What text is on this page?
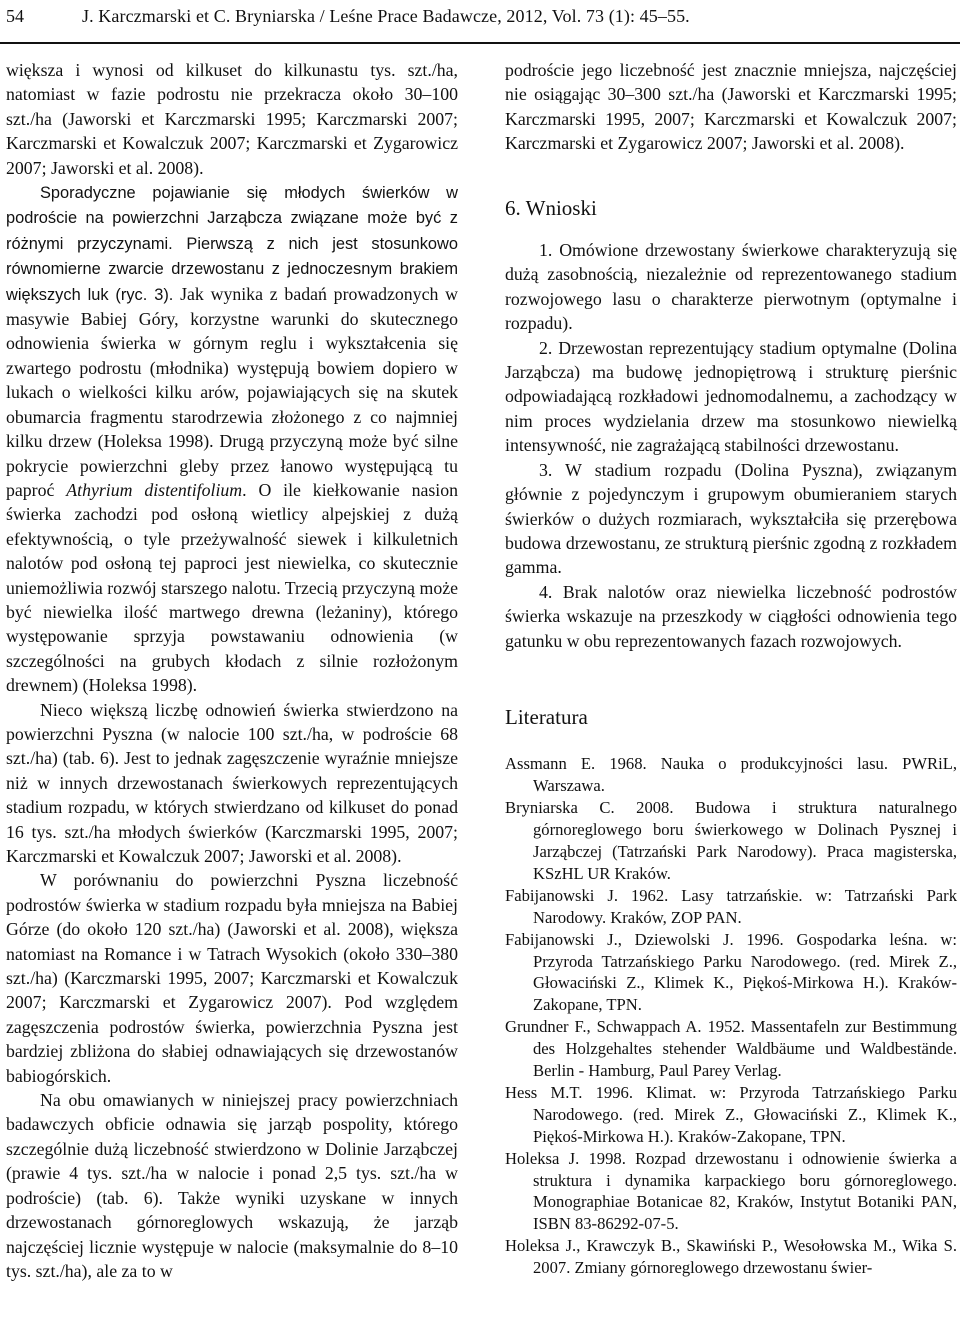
54	J. Karczmarski et C. Bryniarska / Leśne Prace Badawcze, 2012, Vol. 73 (1): 45–55.

większa i wynosi od kilkuset do kilkunastu tys. szt./ha, natomiast w fazie podrostu nie przekracza około 30–100 szt./ha (Jaworski et Karczmarski 1995; Karczmarski 2007; Karczmarski et Kowalczuk 2007; Karczmarski et Zygarowicz 2007; Jaworski et al. 2008).

Sporadyczne pojawianie się młodych świerków w podroście na powierzchni Jarząbcza związane może być z różnymi przyczynami. Pierwszą z nich jest stosunkowo równomierne zwarcie drzewostanu z jednoczesnym brakiem większych luk (ryc. 3). Jak wynika z badań prowadzonych w masywie Babiej Góry, korzystne warunki do skutecznego odnowienia świerka w górnym reglu i wykształcenia się zwartego podrostu (młodnika) występują bowiem dopiero w lukach o wielkości kilku arów, pojawiających się na skutek obumarcia fragmentu starodrzewia złożonego z co najmniej kilku drzew (Holeksa 1998). Drugą przyczyną może być silne pokrycie powierzchni gleby przez łanowo występującą tu paproć Athyrium distentifolium. O ile kiełkowanie nasion świerka zachodzi pod osłoną wietlicy alpejskiej z dużą efektywnością, o tyle przeżywalność siewek i kilkuletnich nalotów pod osłoną tej paproci jest niewielka, co skutecznie uniemożliwia rozwój starszego nalotu. Trzecią przyczyną może być niewielka ilość martwego drewna (leżaniny), którego występowanie sprzyja powstawaniu odnowienia (w szczególności na grubych kłodach z silnie rozłożonym drewnem) (Holeksa 1998).

Nieco większą liczbę odnowień świerka stwierdzono na powierzchni Pyszna (w nalocie 100 szt./ha, w podroście 68 szt./ha) (tab. 6). Jest to jednak zagęszczenie wyraźnie mniejsze niż w innych drzewostanach świerkowych reprezentujących stadium rozpadu, w których stwierdzano od kilkuset do ponad 16 tys. szt./ha młodych świerków (Karczmarski 1995, 2007; Karczmarski et Kowalczuk 2007; Jaworski et al. 2008).

W porównaniu do powierzchni Pyszna liczebność podrostów świerka w stadium rozpadu była mniejsza na Babiej Górze (do około 120 szt./ha) (Jaworski et al. 2008), większa natomiast na Romance i w Tatrach Wysokich (około 330–380 szt./ha) (Karczmarski 1995, 2007; Karczmarski et Kowalczuk 2007; Karczmarski et Zygarowicz 2007). Pod względem zagęszczenia podrostów świerka, powierzchnia Pyszna jest bardziej zbliżona do słabiej odnawiających się drzewostanów babiogórskich.

Na obu omawianych w niniejszej pracy powierzchniach badawczych obficie odnawia się jarząb pospolity, którego szczególnie dużą liczebność stwierdzono w Dolinie Jarząbczej (prawie 4 tys. szt./ha w nalocie i ponad 2,5 tys. szt./ha w podroście) (tab. 6). Także wyniki uzyskane w innych drzewostanach górnoreglowych wskazują, że jarząb najczęściej licznie występuje w nalocie (maksymalnie do 8–10 tys. szt./ha), ale za to w

podroście jego liczebność jest znacznie mniejsza, najczęściej nie osiągając 30–300 szt./ha (Jaworski et Karczmarski 1995; Karczmarski 1995, 2007; Karczmarski et Kowalczuk 2007; Karczmarski et Zygarowicz 2007; Jaworski et al. 2008).

6. Wnioski

1. Omówione drzewostany świerkowe charakteryzują się dużą zasobnością, niezależnie od reprezentowanego stadium rozwojowego lasu o charakterze pierwotnym (optymalne i rozpadu).

2. Drzewostan reprezentujący stadium optymalne (Dolina Jarząbcza) ma budowę jednopiętrową i strukturę pierśnic odpowiadającą rozkładowi jednomodalnemu, a zachodzący w nim proces wydzielania drzew ma stosunkowo niewielką intensywność, nie zagrażającą stabilności drzewostanu.

3. W stadium rozpadu (Dolina Pyszna), związanym głównie z pojedynczym i grupowym obumieraniem starych świerków o dużych rozmiarach, wykształciła się przerębowa budowa drzewostanu, ze strukturą pierśnic zgodną z rozkładem gamma.

4. Brak nalotów oraz niewielka liczebność podrostów świerka wskazuje na przeszkody w ciągłości odnowienia tego gatunku w obu reprezentowanych fazach rozwojowych.

Literatura

Assmann E. 1968. Nauka o produkcyjności lasu. PWRiL, Warszawa.

Bryniarska C. 2008. Budowa i struktura naturalnego górnoreglowego boru świerkowego w Dolinach Pysznej i Jarząbczej (Tatrzański Park Narodowy). Praca magisterska, KSzHL UR Kraków.

Fabijanowski J. 1962. Lasy tatrzańskie. w: Tatrzański Park Narodowy. Kraków, ZOP PAN.

Fabijanowski J., Dziewolski J. 1996. Gospodarka leśna. w: Przyroda Tatrzańskiego Parku Narodowego. (red. Mirek Z., Głowaciński Z., Klimek K., Piękoś-Mirkowa H.). Kraków-Zakopane, TPN.

Grundner F., Schwappach A. 1952. Massentafeln zur Bestimmung des Holzgehaltes stehender Waldbäume und Waldbestände. Berlin - Hamburg, Paul Parey Verlag.

Hess M.T. 1996. Klimat. w: Przyroda Tatrzańskiego Parku Narodowego. (red. Mirek Z., Głowaciński Z., Klimek K., Piękoś-Mirkowa H.). Kraków-Zakopane, TPN.

Holeksa J. 1998. Rozpad drzewostanu i odnowienie świerka a struktura i dynamika karpackiego boru górnoreglowego. Monographiae Botanicae 82, Kraków, Instytut Botaniki PAN, ISBN 83-86292-07-5.

Holeksa J., Krawczyk B., Skawiński P., Wesołowska M., Wika S. 2007. Zmiany górnoreglowego drzewostanu świer-
